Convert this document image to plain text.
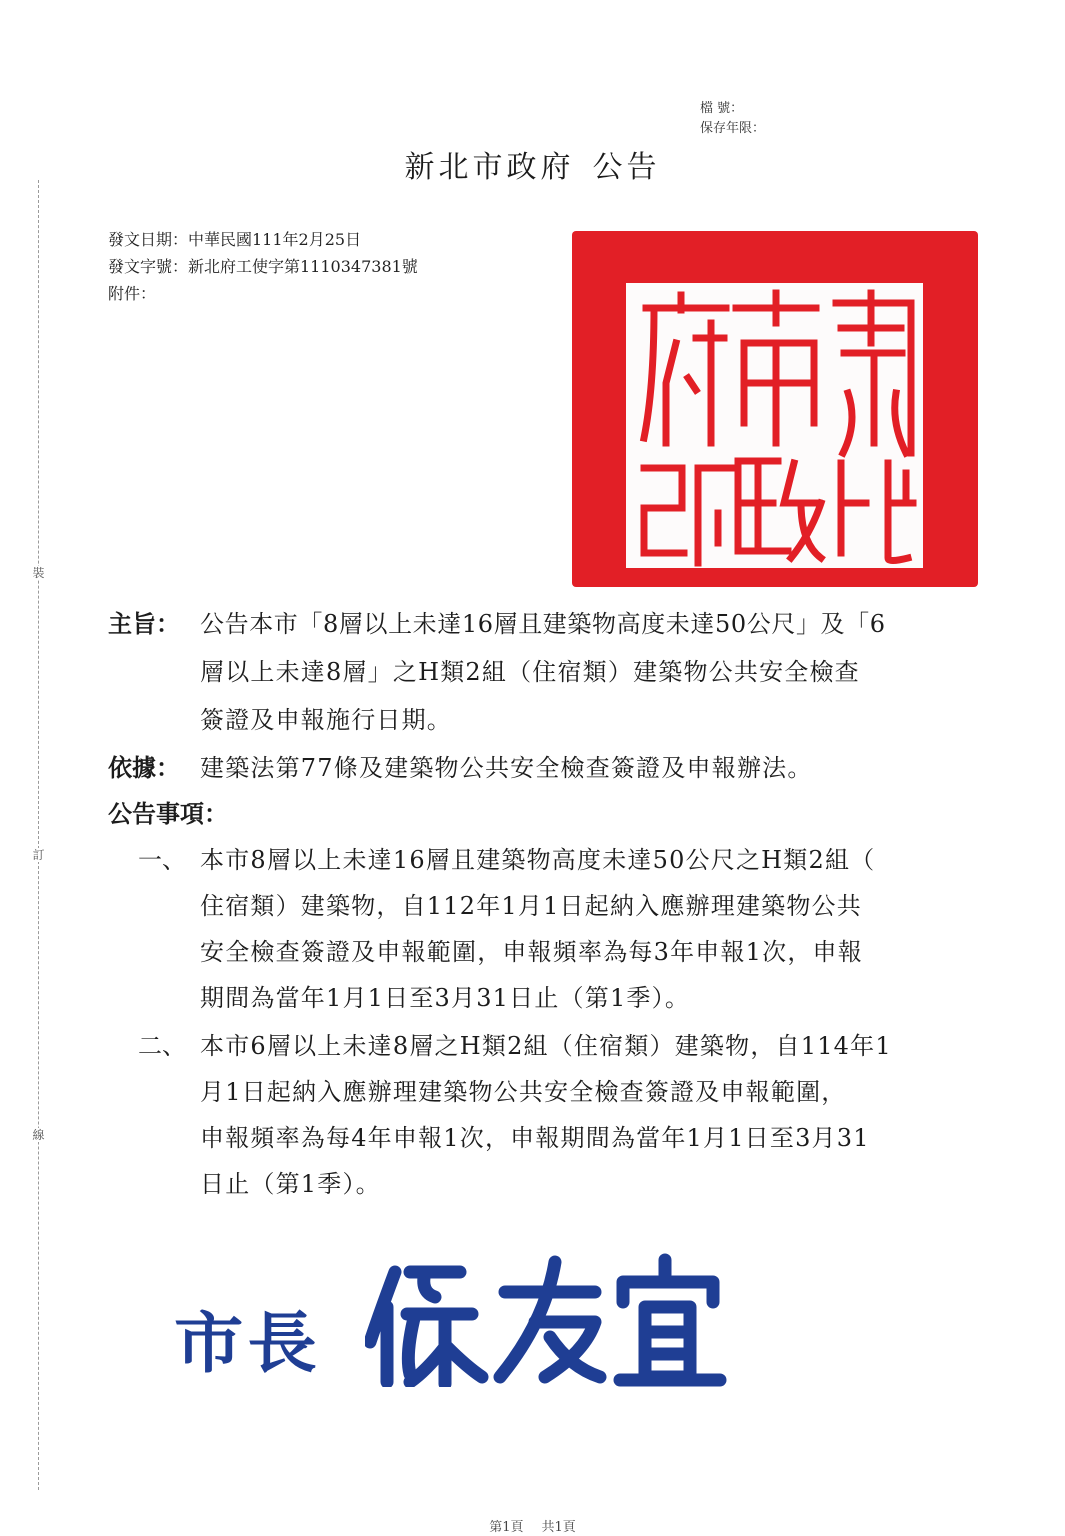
裝
訂
線
檔 號：
保存年限：
新北市政府 公告
發文日期：中華民國111年2月25日
發文字號：新北府工使字第1110347381號
附件：
主旨： 公告本市「8層以上未達16層且建築物高度未達50公尺」及「6
層以上未達8層」之H類2組（住宿類）建築物公共安全檢查
簽證及申報施行日期。
依據： 建築法第77條及建築物公共安全檢查簽證及申報辦法。
公告事項：
一、 本市8層以上未達16層且建築物高度未達50公尺之H類2組（
住宿類）建築物，自112年1月1日起納入應辦理建築物公共
安全檢查簽證及申報範圍，申報頻率為每3年申報1次，申報
期間為當年1月1日至3月31日止（第1季）。
二、 本市6層以上未達8層之H類2組（住宿類）建築物，自114年1
月1日起納入應辦理建築物公共安全檢查簽證及申報範圍，
申報頻率為每4年申報1次，申報期間為當年1月1日至3月31
日止（第1季）。
市長
第1頁 共1頁
